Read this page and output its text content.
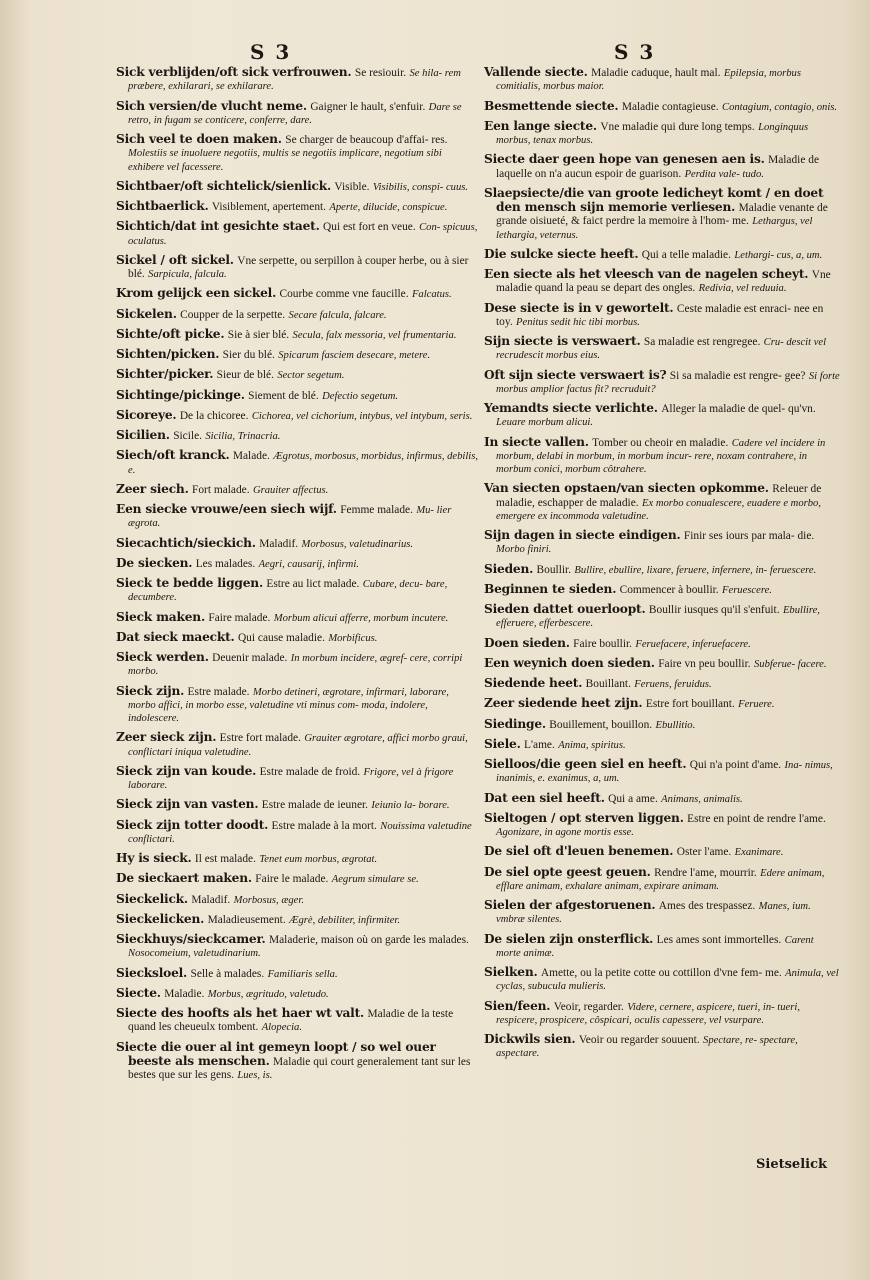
S 3	S 3
Sick verblijden/oft sick verfrouwen. Se resiouir. Se hila- rem præbere, exhilarari, se exhilarare.
Sich versien/de vlucht neme. Gaigner le hault, s'enfuir. Dare se retro, in fugam se conticere, conferre, dare.
Sich veel te doen maken. Se charger de beaucoup d'affai- res. Molestiis se inuoluere negotiis, multis se negotiis implicare, negotium sibi exhibere vel facessere.
Sichtbaer/oft sichtelick/sienlick. Visible. Visibilis, conspi- cuus.
Sichtbaerlick. Visiblement, apertement. Aperte, dilucide, conspicue.
Sichtich/dat int gesichte staet. Qui est fort en veue. Con- spicuus, oculatus.
Sickel / oft sickel. Vne serpette, ou serpillon à couper herbe, ou à sier blé. Sarpicula, falcula.
Krom gelijck een sickel. Courbe comme vne faucille. Falcatus.
Sickelen. Coupper de la serpette. Secare falcula, falcare.
Sichte/oft picke. Sie à sier blé. Secula, falx messoria, vel frumentaria.
Sichten/picken. Sier du blé. Spicarum fasciem desecare, metere.
Sichter/picker. Sieur de blé. Sector segetum.
Sichtinge/pickinge. Siement de blé. Defectio segetum.
Sicoreye. De la chicoree. Cichorea, vel cichorium, intybus, vel intybum, seris.
Sicilien. Sicile. Sicilia, Trinacria.
Siech/oft kranck. Malade. Ægrotus, morbosus, morbidus, infirmus, debilis, e.
Zeer siech. Fort malade. Grauiter affectus.
Een siecke vrouwe/een siech wijf. Femme malade. Mu- lier ægrota.
Siecachtich/sieckich. Maladif. Morbosus, valetudinarius.
De siecken. Les malades. Aegri, causarij, infirmi.
Sieck te bedde liggen. Estre au lict malade. Cubare, decu- bare, decumbere.
Sieck maken. Faire malade. Morbum alicui afferre, morbum incutere.
Dat sieck maeckt. Qui cause maladie. Morbificus.
Sieck werden. Deuenir malade. In morbum incidere, ægref- cere, corripi morbo.
Sieck zijn. Estre malade. Morbo detineri, ægrotare, infirmari, laborare, morbo affici, in morbo esse, valetudine vti minus com- moda, indolere, indolescere.
Zeer sieck zijn. Estre fort malade. Grauiter ægrotare, affici morbo graui, conflictari iniqua valetudine.
Sieck zijn van koude. Estre malade de froid. Frigore, vel à frigore laborare.
Sieck zijn van vasten. Estre malade de ieuner. Ieiunio la- borare.
Sieck zijn totter doodt. Estre malade à la mort. Nouissima valetudine conflictari.
Hy is sieck. Il est malade. Tenet eum morbus, ægrotat.
De sieckaert maken. Faire le malade. Aegrum simulare se.
Sieckelick. Maladif. Morbosus, æger.
Sieckelicken. Maladieusement. Ægrè, debiliter, infirmiter.
Sieckhuys/sieckcamer. Maladerie, maison où on garde les malades. Nosocomeium, valetudinarium.
Siecksloel. Selle à malades. Familiaris sella.
Siecte. Maladie. Morbus, ægritudo, valetudo.
Siecte des hoofts als het haer wt valt. Maladie de la teste quand les cheueulx tombent. Alopecia.
Siecte die ouer al int gemeyn loopt / so wel ouer beeste als menschen. Maladie qui court generalement tant sur les bestes que sur les gens. Lues, is.
Vallende siecte. Maladie caduque, hault mal. Epilepsia, morbus comitialis, morbus maior.
Besmettende siecte. Maladie contagieuse. Contagium, contagio, onis.
Een lange siecte. Vne maladie qui dure long temps. Longinquus morbus, tenax morbus.
Siecte daer geen hope van genesen aen is. Maladie de laquelle on n'a aucun espoir de guarison. Perdita vale- tudo.
Slaepsiecte/die van groote ledicheyt komt / en doet den mensch sijn memorie verliesen. Maladie venante de grande oisiueté, & faict perdre la memoire à l'hom- me. Lethargus, vel lethargia, veternus.
Die sulcke siecte heeft. Qui a telle maladie. Lethargi- cus, a, um.
Een siecte als het vleesch van de nagelen scheyt. Vne maladie quand la peau se depart des ongles. Redivia, vel reduuia.
Dese siecte is in v gewortelt. Ceste maladie est enraci- nee en toy. Penitus sedit hic tibi morbus.
Sijn siecte is verswaert. Sa maladie est rengregee. Cru- descit vel recrudescit morbus eius.
Oft sijn siecte verswaert is? Si sa maladie est rengre- gee? Si forte morbus amplior factus fit? recruduit?
Yemandts siecte verlichte. Alleger la maladie de quel- qu'vn. Leuare morbum alicui.
In siecte vallen. Tomber ou cheoir en maladie. Cadere vel incidere in morbum, delabi in morbum, in morbum incur- rere, noxam contrahere, in morbum conici, morbum côtrahere.
Van siecten opstaen/van siecten opkomme. Releuer de maladie, eschapper de maladie. Ex morbo conualescere, euadere e morbo, emergere ex incommoda valetudine.
Sijn dagen in siecte eindigen. Finir ses iours par mala- die. Morbo finiri.
Sieden. Boullir. Bullire, ebullire, lixare, feruere, infernere, in- feruescere.
Beginnen te sieden. Commencer à boullir. Feruescere.
Sieden dattet ouerloopt. Boullir iusques qu'il s'enfuit. Ebullire, efferuere, efferbescere.
Doen sieden. Faire boullir. Feruefacere, inferuefacere.
Een weynich doen sieden. Faire vn peu boullir. Subferue- facere.
Siedende heet. Bouillant. Feruens, feruidus.
Zeer siedende heet zijn. Estre fort bouillant. Feruere.
Siedinge. Bouillement, bouillon. Ebullitio.
Siele. L'ame. Anima, spiritus.
Sielloos/die geen siel en heeft. Qui n'a point d'ame. Ina- nimus, inanimis, e. exanimus, a, um.
Dat een siel heeft. Qui a ame. Animans, animalis.
Sieltogen / opt sterven liggen. Estre en point de rendre l'ame. Agonizare, in agone mortis esse.
De siel oft d'leuen benemen. Oster l'ame. Exanimare.
De siel opte geest geuen. Rendre l'ame, mourrir. Edere animam, efflare animam, exhalare animam, expirare animam.
Sielen der afgestoruenen. Ames des trespassez. Manes, ium. vmbræ silentes.
De sielen zijn onsterflick. Les ames sont immortelles. Carent morte animæ.
Sielken. Amette, ou la petite cotte ou cottillon d'vne fem- me. Animula, vel cyclas, subucula mulieris.
Sien/feen. Veoir, regarder. Videre, cernere, aspicere, tueri, in- tueri, respicere, prospicere, côspicari, oculis capessere, vel vsurpare.
Dickwils sien. Veoir ou regarder souuent. Spectare, re- spectare, aspectare.
Sietselick
